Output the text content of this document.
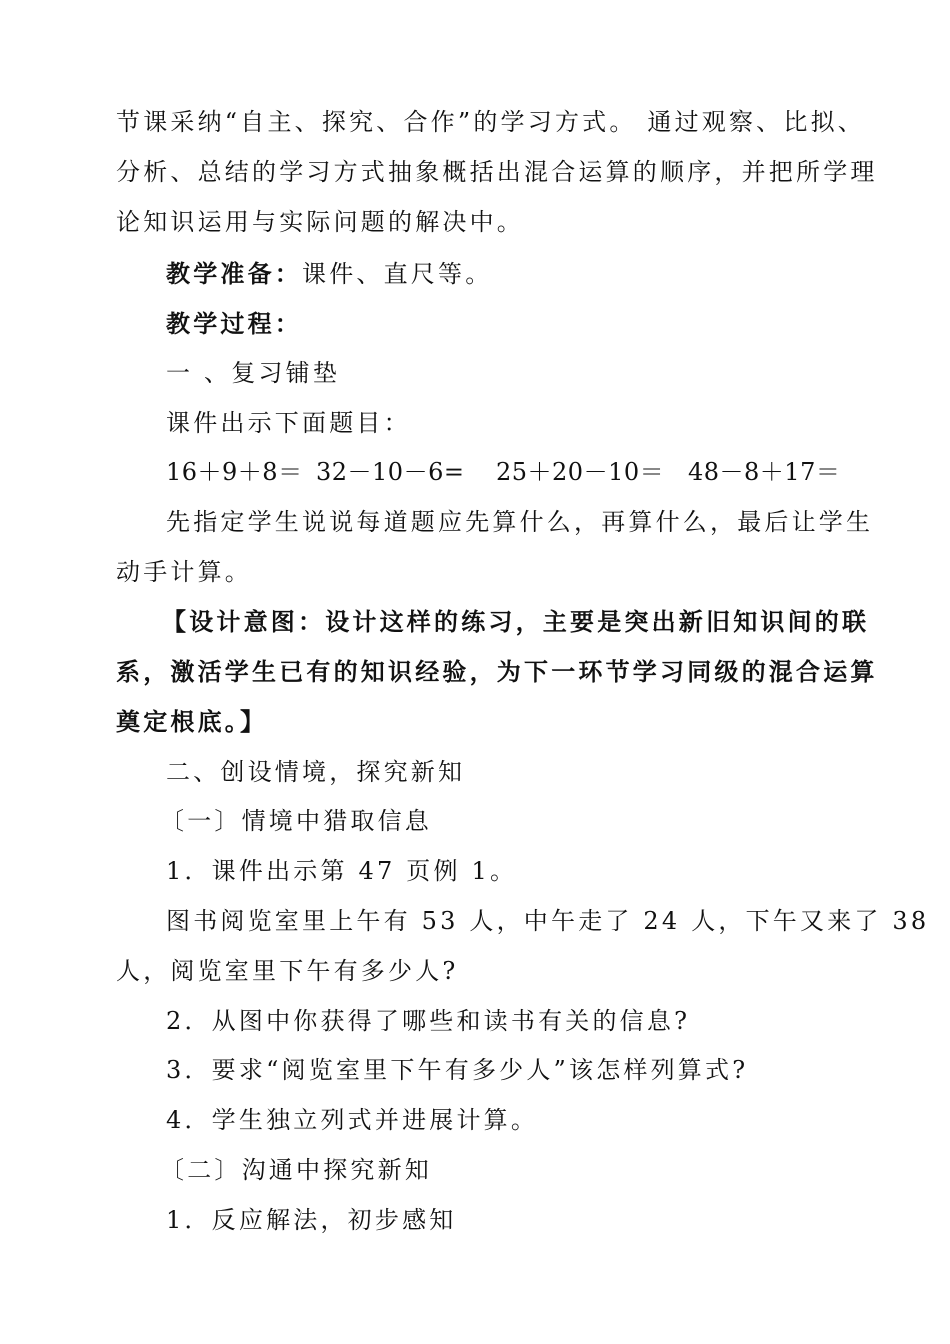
节课采纳“自主、探究、合作”的学习方式。 通过观察、比拟、
分析、总结的学习方式抽象概括出混合运算的顺序，并把所学理
论知识运用与实际问题的解决中。
教学准备：课件、直尺等。
教学过程：
一 、复习铺垫
课件出示下面题目：
16＋9＋8＝ 32－10－6= 25＋20－10＝ 48－8＋17＝
先指定学生说说每道题应先算什么，再算什么，最后让学生
动手计算。
【设计意图：设计这样的练习，主要是突出新旧知识间的联
系，激活学生已有的知识经验，为下一环节学习同级的混合运算
奠定根底。】
二、创设情境，探究新知
〔一〕情境中猎取信息
1．课件出示第 47 页例 1。
图书阅览室里上午有 53 人，中午走了 24 人，下午又来了 38
人，阅览室里下午有多少人?
2．从图中你获得了哪些和读书有关的信息?
3．要求“阅览室里下午有多少人”该怎样列算式?
4．学生独立列式并进展计算。
〔二〕沟通中探究新知
1．反应解法，初步感知
